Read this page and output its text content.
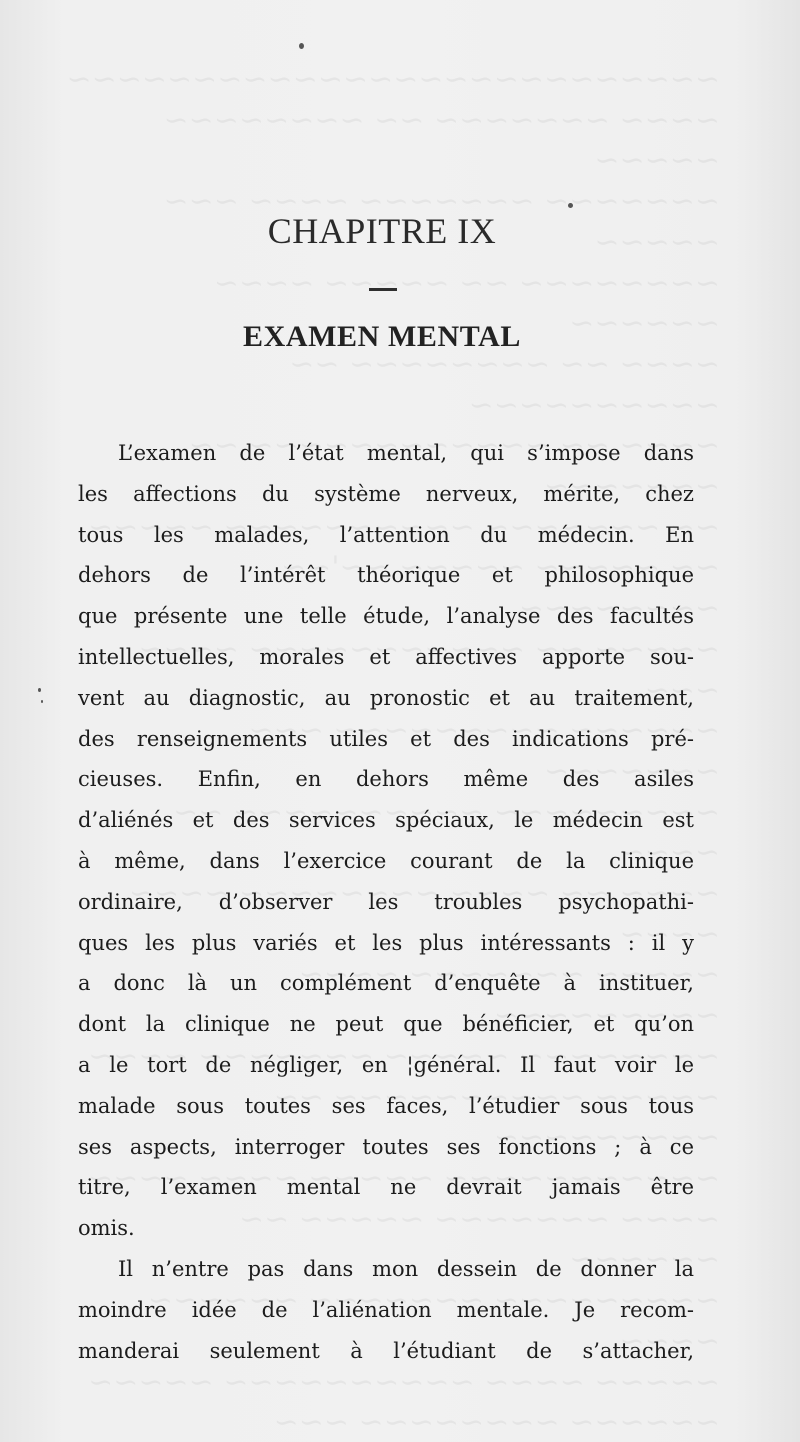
CHAPITRE IX
EXAMEN MENTAL
L’examen de l’état mental, qui s’impose dans
les affections du système nerveux, mérite, chez
tous les malades, l’attention du médecin. En
dehors de l’intérêt théorique et philosophique
que présente une telle étude, l’analyse des facultés
intellectuelles, morales et affectives apporte sou-
vent au diagnostic, au pronostic et au traitement,
des renseignements utiles et des indications pré-
cieuses. Enfin, en dehors même des asiles
d’aliénés et des services spéciaux, le médecin est
à même, dans l’exercice courant de la clinique
ordinaire, d’observer les troubles psychopathi-
ques les plus variés et les plus intéressants : il y
a donc là un complément d’enquête à instituer,
dont la clinique ne peut que bénéficier, et qu’on
a le tort de négliger, en ¦général. Il faut voir le
malade sous toutes ses faces, l’étudier sous tous
ses aspects, interroger toutes ses fonctions ; à ce
titre, l’examen mental ne devrait jamais être
omis.
Il n’entre pas dans mon dessein de donner la
moindre idée de l’aliénation mentale. Je recom-
manderai seulement à l’étudiant de s’attacher,
